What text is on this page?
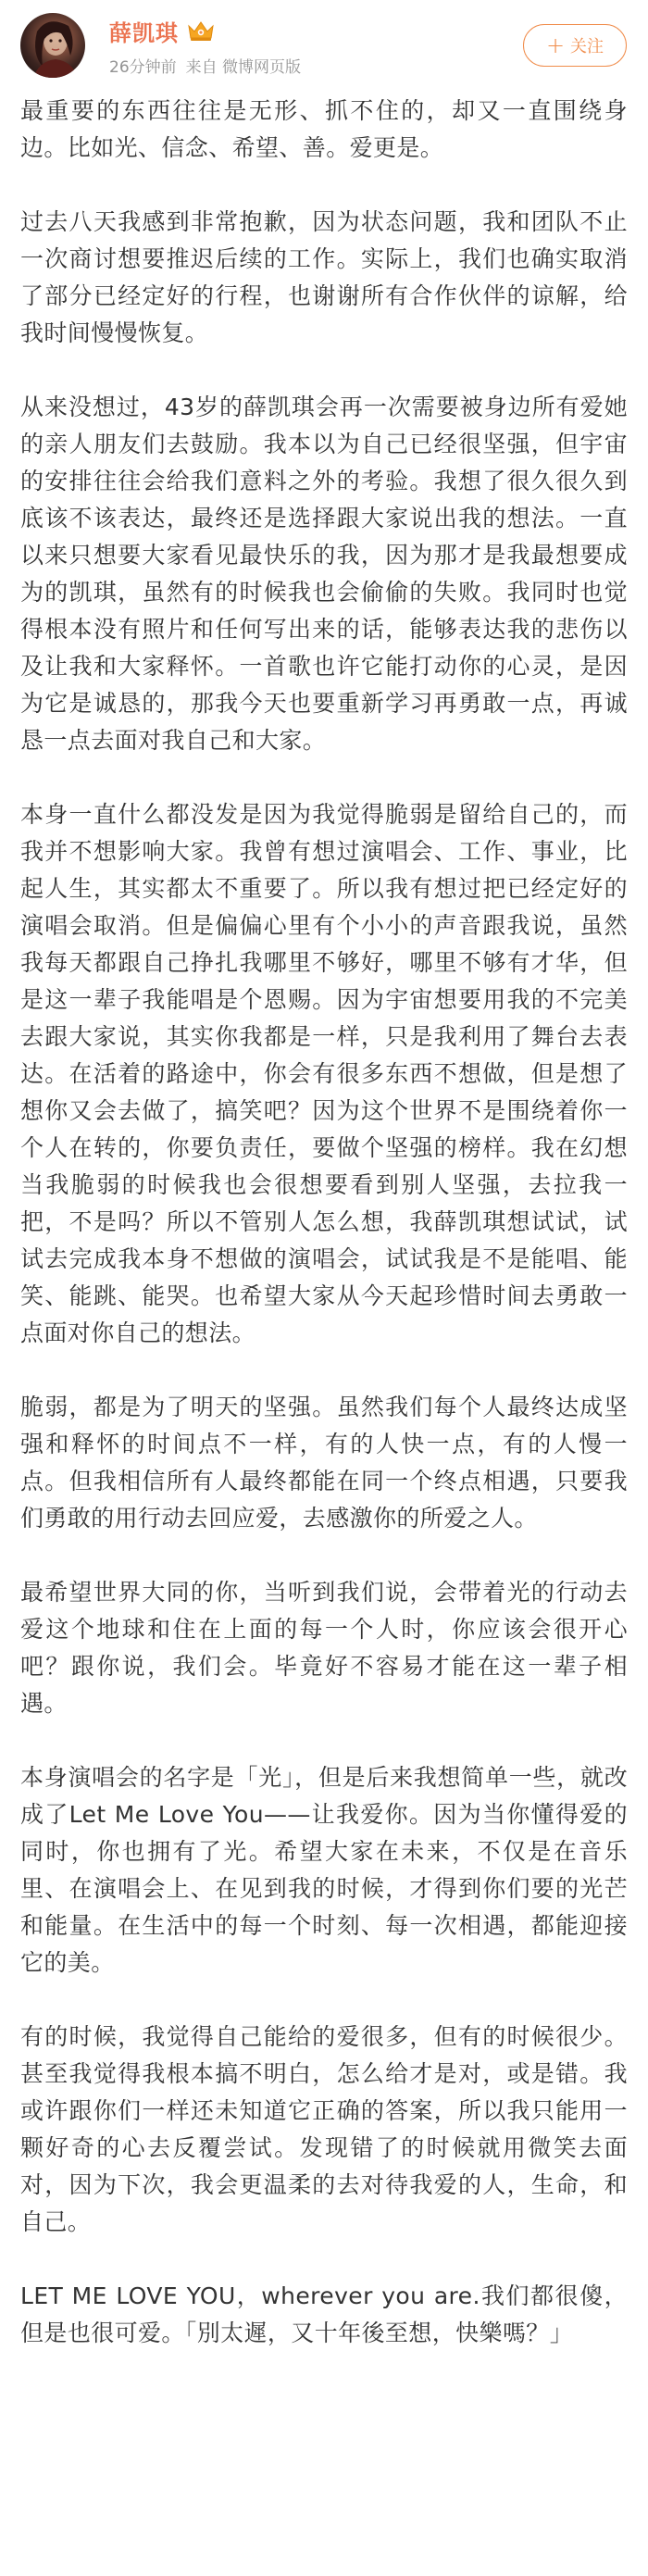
薛凯琪
26分钟前 来自 微博网页版
+ 关注

最重要的东西往往是无形、抓不住的，却又一直围绕身边。比如光、信念、希望、善。爱更是。

过去八天我感到非常抱歉，因为状态问题，我和团队不止一次商讨想要推迟后续的工作。实际上，我们也确实取消了部分已经定好的行程，也谢谢所有合作伙伴的谅解，给我时间慢慢恢复。

从来没想过，43岁的薛凯琪会再一次需要被身边所有爱她的亲人朋友们去鼓励。我本以为自己已经很坚强，但宇宙的安排往往会给我们意料之外的考验。我想了很久很久到底该不该表达，最终还是选择跟大家说出我的想法。一直以来只想要大家看见最快乐的我，因为那才是我最想要成为的凯琪，虽然有的时候我也会偷偷的失败。我同时也觉得根本没有照片和任何写出来的话，能够表达我的悲伤以及让我和大家释怀。一首歌也许它能打动你的心灵，是因为它是诚恳的，那我今天也要重新学习再勇敢一点，再诚恳一点去面对我自己和大家。

本身一直什么都没发是因为我觉得脆弱是留给自己的，而我并不想影响大家。我曾有想过演唱会、工作、事业，比起人生，其实都太不重要了。所以我有想过把已经定好的演唱会取消。但是偏偏心里有个小小的声音跟我说，虽然我每天都跟自己挣扎我哪里不够好，哪里不够有才华，但是这一辈子我能唱是个恩赐。因为宇宙想要用我的不完美去跟大家说，其实你我都是一样，只是我利用了舞台去表达。在活着的路途中，你会有很多东西不想做，但是想了想你又会去做了，搞笑吧？因为这个世界不是围绕着你一个人在转的，你要负责任，要做个坚强的榜样。我在幻想当我脆弱的时候我也会很想要看到别人坚强，去拉我一把，不是吗？所以不管别人怎么想，我薛凯琪想试试，试试去完成我本身不想做的演唱会，试试我是不是能唱、能笑、能跳、能哭。也希望大家从今天起珍惜时间去勇敢一点面对你自己的想法。

脆弱，都是为了明天的坚强。虽然我们每个人最终达成坚强和释怀的时间点不一样，有的人快一点，有的人慢一点。但我相信所有人最终都能在同一个终点相遇，只要我们勇敢的用行动去回应爱，去感激你的所爱之人。

最希望世界大同的你，当听到我们说，会带着光的行动去爱这个地球和住在上面的每一个人时，你应该会很开心吧？跟你说，我们会。毕竟好不容易才能在这一辈子相遇。

本身演唱会的名字是「光」，但是后来我想简单一些，就改成了Let Me Love You——让我爱你。因为当你懂得爱的同时，你也拥有了光。希望大家在未来，不仅是在音乐里、在演唱会上、在见到我的时候，才得到你们要的光芒和能量。在生活中的每一个时刻、每一次相遇，都能迎接它的美。

有的时候，我觉得自己能给的爱很多，但有的时候很少。甚至我觉得我根本搞不明白，怎么给才是对，或是错。我或许跟你们一样还未知道它正确的答案，所以我只能用一颗好奇的心去反覆尝试。发现错了的时候就用微笑去面对，因为下次，我会更温柔的去对待我爱的人，生命，和自己。

LET ME LOVE YOU，wherever you are.我们都很傻，但是也很可爱。「別太遲，又十年後至想，快樂嗎？」
